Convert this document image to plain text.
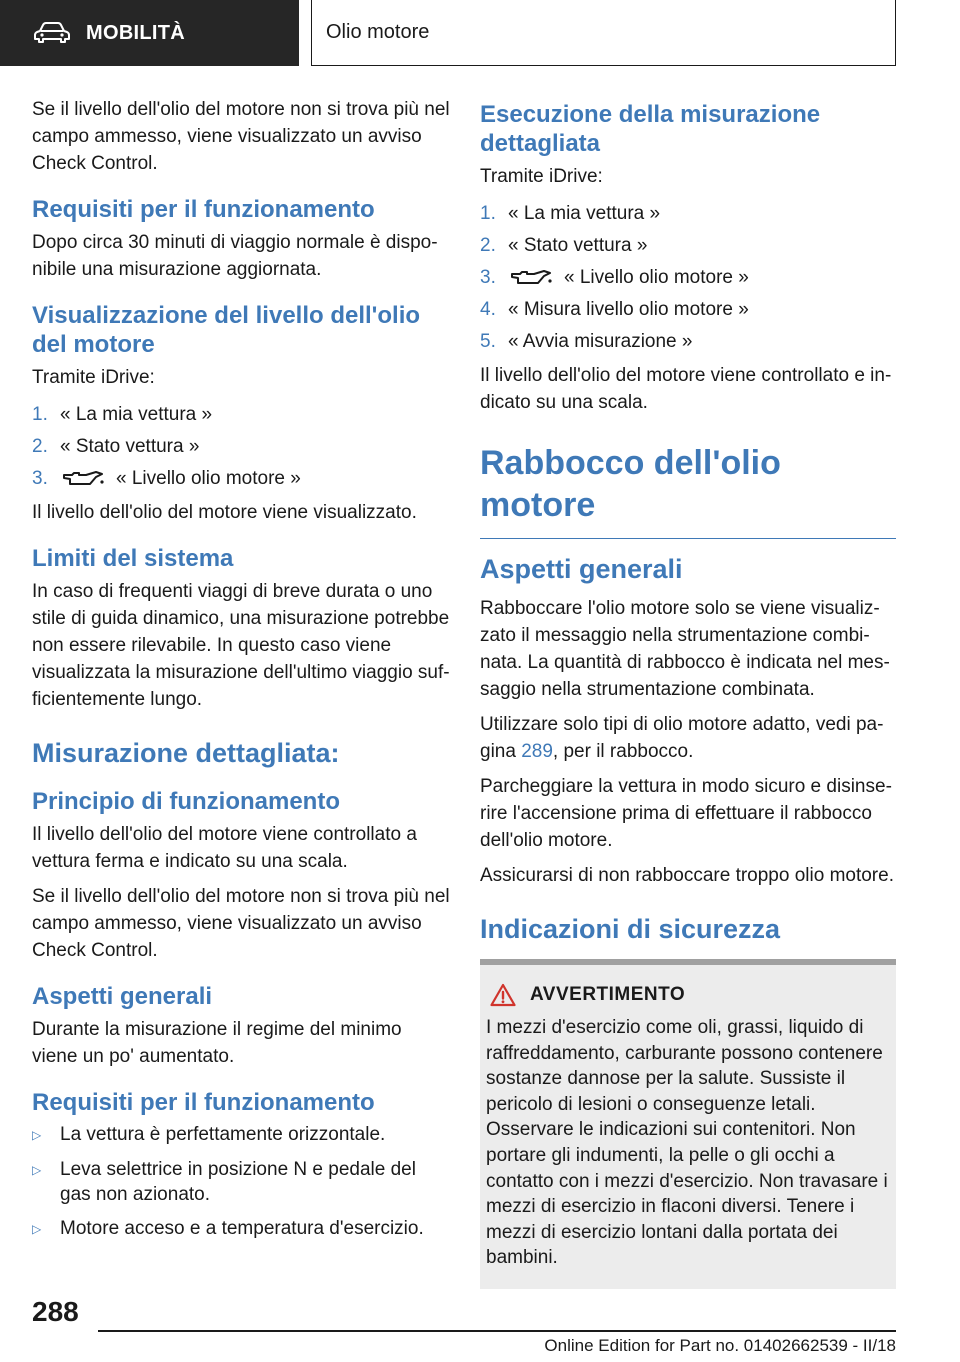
MOBILITÀ	Olio motore

Se il livello dell'olio del motore non si trova più nel campo ammesso, viene visualizzato un avviso Check Control.

Requisiti per il funzionamento

Dopo circa 30 minuti di viaggio normale è disponibile una misurazione aggiornata.

Visualizzazione del livello dell'olio del motore

Tramite iDrive:

1. « La mia vettura »
2. « Stato vettura »
3.	« Livello olio motore »

Il livello dell'olio del motore viene visualizzato.

Limiti del sistema

In caso di frequenti viaggi di breve durata o uno stile di guida dinamico, una misurazione potrebbe non essere rilevabile. In questo caso viene visualizzata la misurazione dell'ultimo viaggio sufficientemente lungo.

Misurazione dettagliata:
Principio di funzionamento

Il livello dell'olio del motore viene controllato a vettura ferma e indicato su una scala.

Se il livello dell'olio del motore non si trova più nel campo ammesso, viene visualizzato un avviso Check Control.

Aspetti generali

Durante la misurazione il regime del minimo viene un po' aumentato.

Requisiti per il funzionamento
▷ La vettura è perfettamente orizzontale.
▷ Leva selettrice in posizione N e pedale del gas non azionato.
▷ Motore acceso e a temperatura d'esercizio.
Esecuzione della misurazione dettagliata

Tramite iDrive:

1. « La mia vettura »
2. « Stato vettura »
3.	« Livello olio motore »
4. « Misura livello olio motore »
5. « Avvia misurazione »

Il livello dell'olio del motore viene controllato e indicato su una scala.

Rabbocco dell'olio motore
Aspetti generali

Rabboccare l'olio motore solo se viene visualizzato il messaggio nella strumentazione combinata. La quantità di rabbocco è indicata nel messaggio nella strumentazione combinata.

Utilizzare solo tipi di olio motore adatto, vedi pagina 289, per il rabbocco.

Parcheggiare la vettura in modo sicuro e disinserire l'accensione prima di effettuare il rabbocco dell'olio motore.

Assicurarsi di non rabboccare troppo olio motore.

Indicazioni di sicurezza
AVVERTIMENTO

I mezzi d'esercizio come oli, grassi, liquido di raffreddamento, carburante possono contenere sostanze dannose per la salute. Sussiste il pericolo di lesioni o conseguenze letali. Osservare le indicazioni sui contenitori. Non portare gli indumenti, la pelle o gli occhi a contatto con i mezzi d'esercizio. Non travasare i mezzi di esercizio in flaconi diversi. Tenere i mezzi di esercizio lontani dalla portata dei bambini.

288
Online Edition for Part no. 01402662539 - II/18
